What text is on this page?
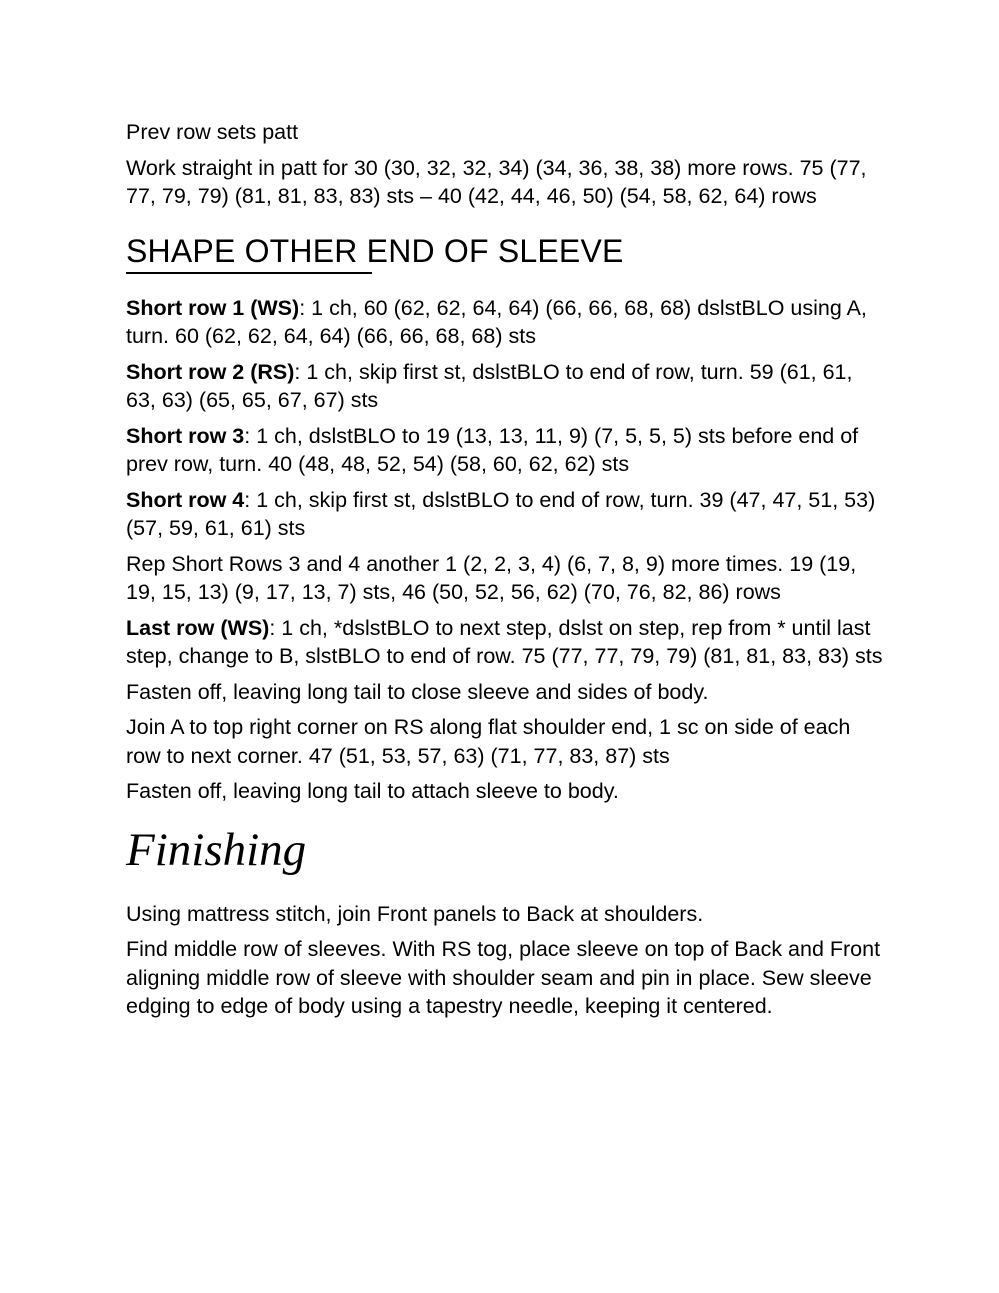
Prev row sets patt

Work straight in patt for 30 (30, 32, 32, 34) (34, 36, 38, 38) more rows. 75 (77, 77, 79, 79) (81, 81, 83, 83) sts – 40 (42, 44, 46, 50) (54, 58, 62, 64) rows

SHAPE OTHER END OF SLEEVE

Short row 1 (WS): 1 ch, 60 (62, 62, 64, 64) (66, 66, 68, 68) dslstBLO using A, turn. 60 (62, 62, 64, 64) (66, 66, 68, 68) sts

Short row 2 (RS): 1 ch, skip first st, dslstBLO to end of row, turn. 59 (61, 61, 63, 63) (65, 65, 67, 67) sts

Short row 3: 1 ch, dslstBLO to 19 (13, 13, 11, 9) (7, 5, 5, 5) sts before end of prev row, turn. 40 (48, 48, 52, 54) (58, 60, 62, 62) sts

Short row 4: 1 ch, skip first st, dslstBLO to end of row, turn. 39 (47, 47, 51, 53) (57, 59, 61, 61) sts

Rep Short Rows 3 and 4 another 1 (2, 2, 3, 4) (6, 7, 8, 9) more times. 19 (19, 19, 15, 13) (9, 17, 13, 7) sts, 46 (50, 52, 56, 62) (70, 76, 82, 86) rows

Last row (WS): 1 ch, *dslstBLO to next step, dslst on step, rep from * until last step, change to B, slstBLO to end of row. 75 (77, 77, 79, 79) (81, 81, 83, 83) sts

Fasten off, leaving long tail to close sleeve and sides of body.

Join A to top right corner on RS along flat shoulder end, 1 sc on side of each row to next corner. 47 (51, 53, 57, 63) (71, 77, 83, 87) sts

Fasten off, leaving long tail to attach sleeve to body.

Finishing

Using mattress stitch, join Front panels to Back at shoulders.

Find middle row of sleeves. With RS tog, place sleeve on top of Back and Front aligning middle row of sleeve with shoulder seam and pin in place. Sew sleeve edging to edge of body using a tapestry needle, keeping it centered.
